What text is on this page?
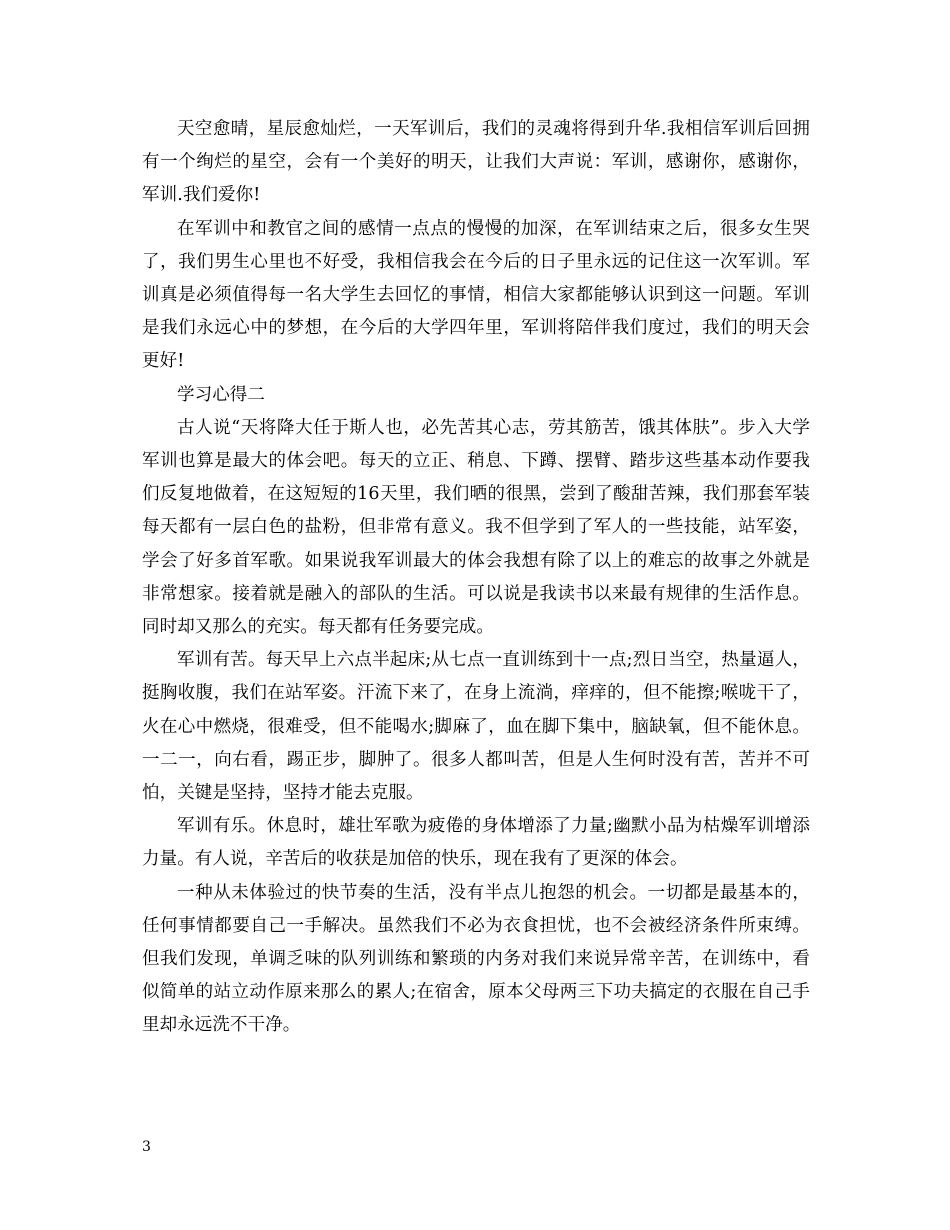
天空愈晴，星辰愈灿烂，一天军训后，我们的灵魂将得到升华.我相信军训后回拥有一个绚烂的星空，会有一个美好的明天，让我们大声说：军训，感谢你，感谢你，军训.我们爱你!

在军训中和教官之间的感情一点点的慢慢的加深，在军训结束之后，很多女生哭了，我们男生心里也不好受，我相信我会在今后的日子里永远的记住这一次军训。军训真是必须值得每一名大学生去回忆的事情，相信大家都能够认识到这一问题。军训是我们永远心中的梦想，在今后的大学四年里，军训将陪伴我们度过，我们的明天会更好!

学习心得二

古人说“天将降大任于斯人也，必先苦其心志，劳其筋苦，饿其体肤”。步入大学军训也算是最大的体会吧。每天的立正、稍息、下蹲、摆臂、踏步这些基本动作要我们反复地做着，在这短短的16天里，我们晒的很黑，尝到了酸甜苦辣，我们那套军装每天都有一层白色的盐粉，但非常有意义。我不但学到了军人的一些技能，站军姿，学会了好多首军歌。如果说我军训最大的体会我想有除了以上的难忘的故事之外就是非常想家。接着就是融入的部队的生活。可以说是我读书以来最有规律的生活作息。同时却又那么的充实。每天都有任务要完成。

军训有苦。每天早上六点半起床;从七点一直训练到十一点;烈日当空，热量逼人，挺胸收腹，我们在站军姿。汗流下来了，在身上流淌，痒痒的，但不能擦;喉咙干了，火在心中燃烧，很难受，但不能喝水;脚麻了，血在脚下集中，脑缺氧，但不能休息。一二一，向右看，踢正步，脚肿了。很多人都叫苦，但是人生何时没有苦，苦并不可怕，关键是坚持，坚持才能去克服。

军训有乐。休息时，雄壮军歌为疲倦的身体增添了力量;幽默小品为枯燥军训增添力量。有人说，辛苦后的收获是加倍的快乐，现在我有了更深的体会。

一种从未体验过的快节奏的生活，没有半点儿抱怨的机会。一切都是最基本的，任何事情都要自己一手解决。虽然我们不必为衣食担忧，也不会被经济条件所束缚。但我们发现，单调乏味的队列训练和繁琐的内务对我们来说异常辛苦，在训练中，看似简单的站立动作原来那么的累人;在宿舍，原本父母两三下功夫搞定的衣服在自己手里却永远洗不干净。

3
